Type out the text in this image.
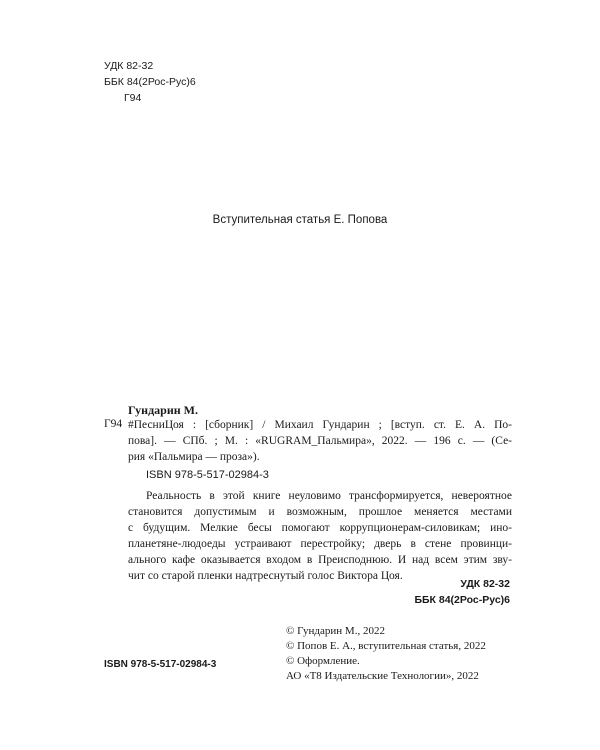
УДК 82-32
ББК 84(2Рос-Рус)6
Г94
Вступительная статья Е. Попова
Гундарин М.
Г94 #ПесниЦоя : [сборник] / Михаил Гундарин ; [вступ. ст. Е. А. По-
пова]. — СПб. ; М. : «RUGRAM_Пальмира», 2022. — 196 с. — (Се-
рия «Пальмира — проза»).
ISBN 978-5-517-02984-3
Реальность в этой книге неуловимо трансформируется, невероятное
становится допустимым и возможным, прошлое меняется местами
с будущим. Мелкие бесы помогают коррупционерам-силовикам; ино-
планетяне-людоеды устраивают перестройку; дверь в стене провинци-
ального кафе оказывается входом в Преисподнюю. И над всем этим зву-
чит со старой пленки надтреснутый голос Виктора Цоя.
УДК 82-32
ББК 84(2Рос-Рус)6
© Гундарин М., 2022
© Попов Е. А., вступительная статья, 2022
© Оформление.
АО «Т8 Издательские Технологии», 2022
ISBN 978-5-517-02984-3
